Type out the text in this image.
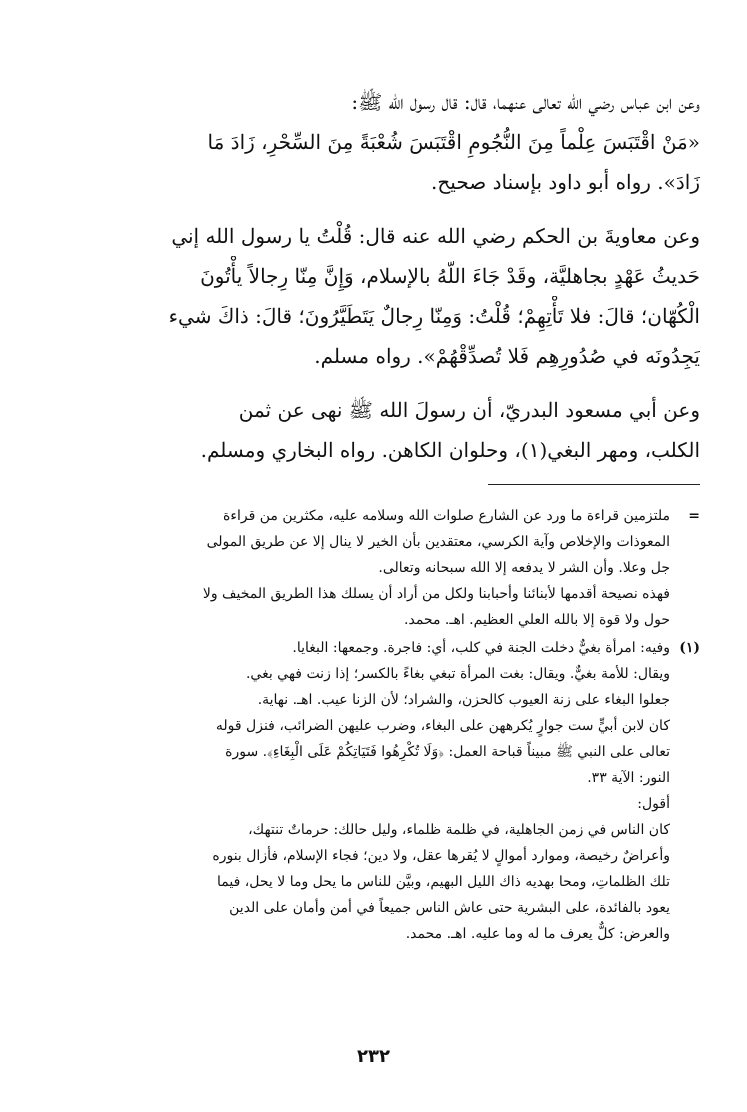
وعن ابن عباس رضي الله تعالى عنهما، قال: قال رسول الله ﷺ:
«مَنْ اقْتَبَسَ عِلْماً مِنَ النُّجُومِ اقْتَبَسَ شُعْبَةً مِنَ السِّحْرِ، زَادَ مَا
زَادَ». رواه أبو داود بإسناد صحيح.

وعن معاويةَ بن الحكم رضي الله عنه قال: قُلْتُ يا رسول الله إني
حَديثُ عَهْدٍ بجاهليَّة، وقَدْ جَاءَ اللّهُ بالإسلام، وَإِنَّ مِنّا رِجالاً يأْتُونَ
الْكُهّان؛ قالَ: فلا تَأْتِهِمْ؛ قُلْتُ: وَمِنّا رِجالٌ يَتَطَيَّرُونَ؛ قالَ: ذاكَ شيء
يَجِدُونَه في صُدُورِهِم فَلا تُصدِّقْهُمْ». رواه مسلم.

وعن أبي مسعود البدريّ، أن رسولَ الله ﷺ نهى عن ثمن
الكلب، ومهر البغي(١)، وحلوان الكاهن. رواه البخاري ومسلم.

=
ملتزمين قراءة ما ورد عن الشارع صلوات الله وسلامه عليه، مكثرين من قراءة
المعوذات والإخلاص وآية الكرسي، معتقدين بأن الخير لا ينال إلا عن طريق المولى
جل وعلا. وأن الشر لا يدفعه إلا الله سبحانه وتعالى.
فهذه نصيحة أقدمها لأبنائنا وأحبابنا ولكل من أراد أن يسلك هذا الطريق المخيف ولا
حول ولا قوة إلا بالله العلي العظيم. اهـ. محمد.
(١)
وفيه: امرأة بغيٌّ دخلت الجنة في كلب، أي: فاجرة. وجمعها: البغايا.
ويقال: للأمة بغيٌّ. ويقال: بغت المرأة تبغي بغاءً بالكسر؛ إذا زنت فهي بغي.
جعلوا البغاء على زنة العيوب كالحزن، والشراد؛ لأن الزنا عيب. اهـ. نهاية.
كان لابن أبيٍّ ست جوارٍ يُكرههن على البغاء، وضرب عليهن الضرائب، فنزل قوله
تعالى على النبي ﷺ مبيناً قباحة العمل: ﴿وَلَا تُكْرِهُوا فَتَيَاتِكُمْ عَلَى الْبِغَاءِ﴾. سورة
النور: الآية ٣٣.
أقول:
كان الناس في زمن الجاهلية، في ظلمة ظلماء، وليل حالك: حرماتٌ تنتهك،
وأعراضٌ رخيصة، وموارد أموالٍ لا يُقرها عقل، ولا دين؛ فجاء الإسلام، فأزال بنوره
تلك الظلماتِ، ومحا بهديه ذاك الليل البهيم، وبيَّن للناس ما يحل وما لا يحل، فيما
يعود بالفائدة، على البشرية حتى عاش الناس جميعاً في أمن وأمان على الدين
والعرض: كلٌّ يعرف ما له وما عليه. اهـ. محمد.
٢٣٢
